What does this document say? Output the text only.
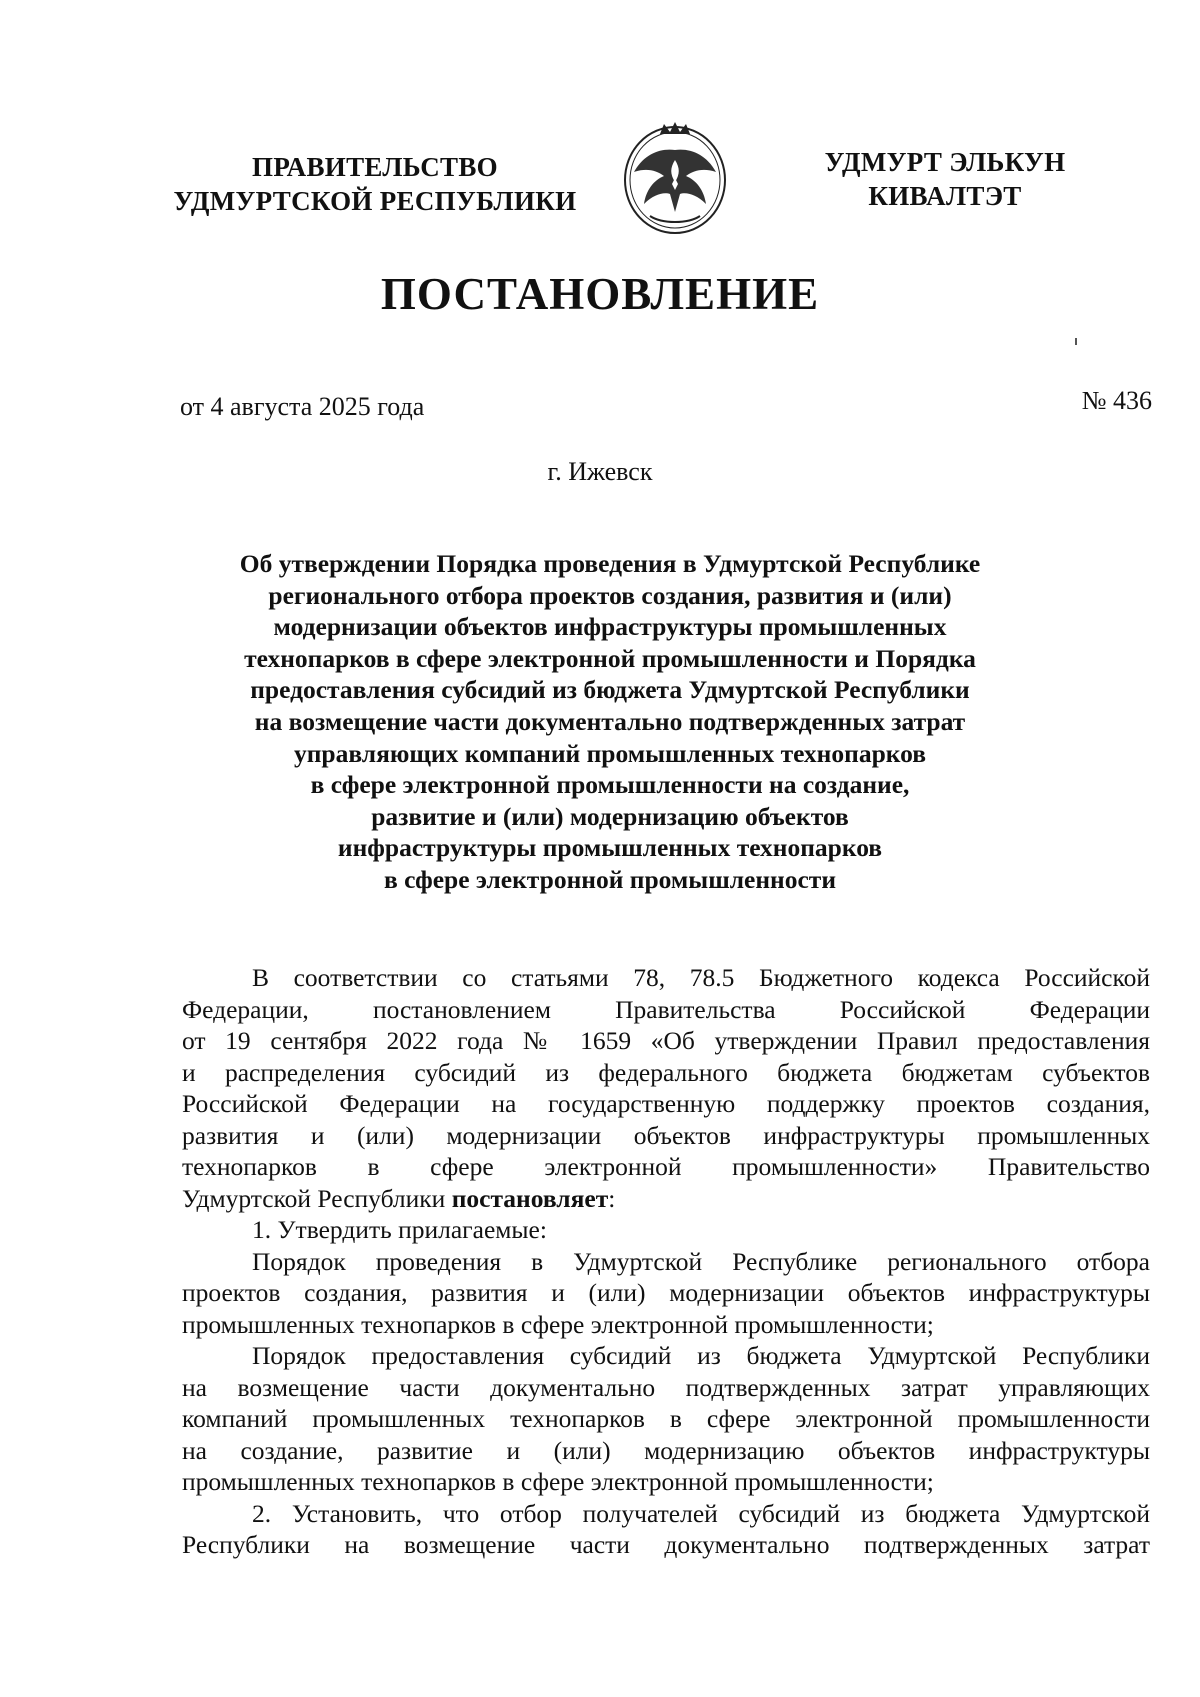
ПРАВИТЕЛЬСТВО
УДМУРТСКОЙ РЕСПУБЛИКИ
УДМУРТ ЭЛЬКУН
КИВАЛТЭТ
ПОСТАНОВЛЕНИЕ
от 4 августа 2025 года	№ 436
г. Ижевск
Об утверждении Порядка проведения в Удмуртской Республике
регионального отбора проектов создания, развития и (или)
модернизации объектов инфраструктуры промышленных
технопарков в сфере электронной промышленности и Порядка
предоставления субсидий из бюджета Удмуртской Республики
на возмещение части документально подтвержденных затрат
управляющих компаний промышленных технопарков
в сфере электронной промышленности на создание,
развитие и (или) модернизацию объектов
инфраструктуры промышленных технопарков
в сфере электронной промышленности
В соответствии со статьями 78, 78.5 Бюджетного кодекса Российской
Федерации, постановлением Правительства Российской Федерации
от 19 сентября 2022 года № 1659 «Об утверждении Правил предоставления
и распределения субсидий из федерального бюджета бюджетам субъектов
Российской Федерации на государственную поддержку проектов создания,
развития и (или) модернизации объектов инфраструктуры промышленных
технопарков в сфере электронной промышленности» Правительство
Удмуртской Республики постановляет:
1. Утвердить прилагаемые:
Порядок проведения в Удмуртской Республике регионального отбора
проектов создания, развития и (или) модернизации объектов инфраструктуры
промышленных технопарков в сфере электронной промышленности;
Порядок предоставления субсидий из бюджета Удмуртской Республики
на возмещение части документально подтвержденных затрат управляющих
компаний промышленных технопарков в сфере электронной промышленности
на создание, развитие и (или) модернизацию объектов инфраструктуры
промышленных технопарков в сфере электронной промышленности;
2. Установить, что отбор получателей субсидий из бюджета Удмуртской
Республики на возмещение части документально подтвержденных затрат
